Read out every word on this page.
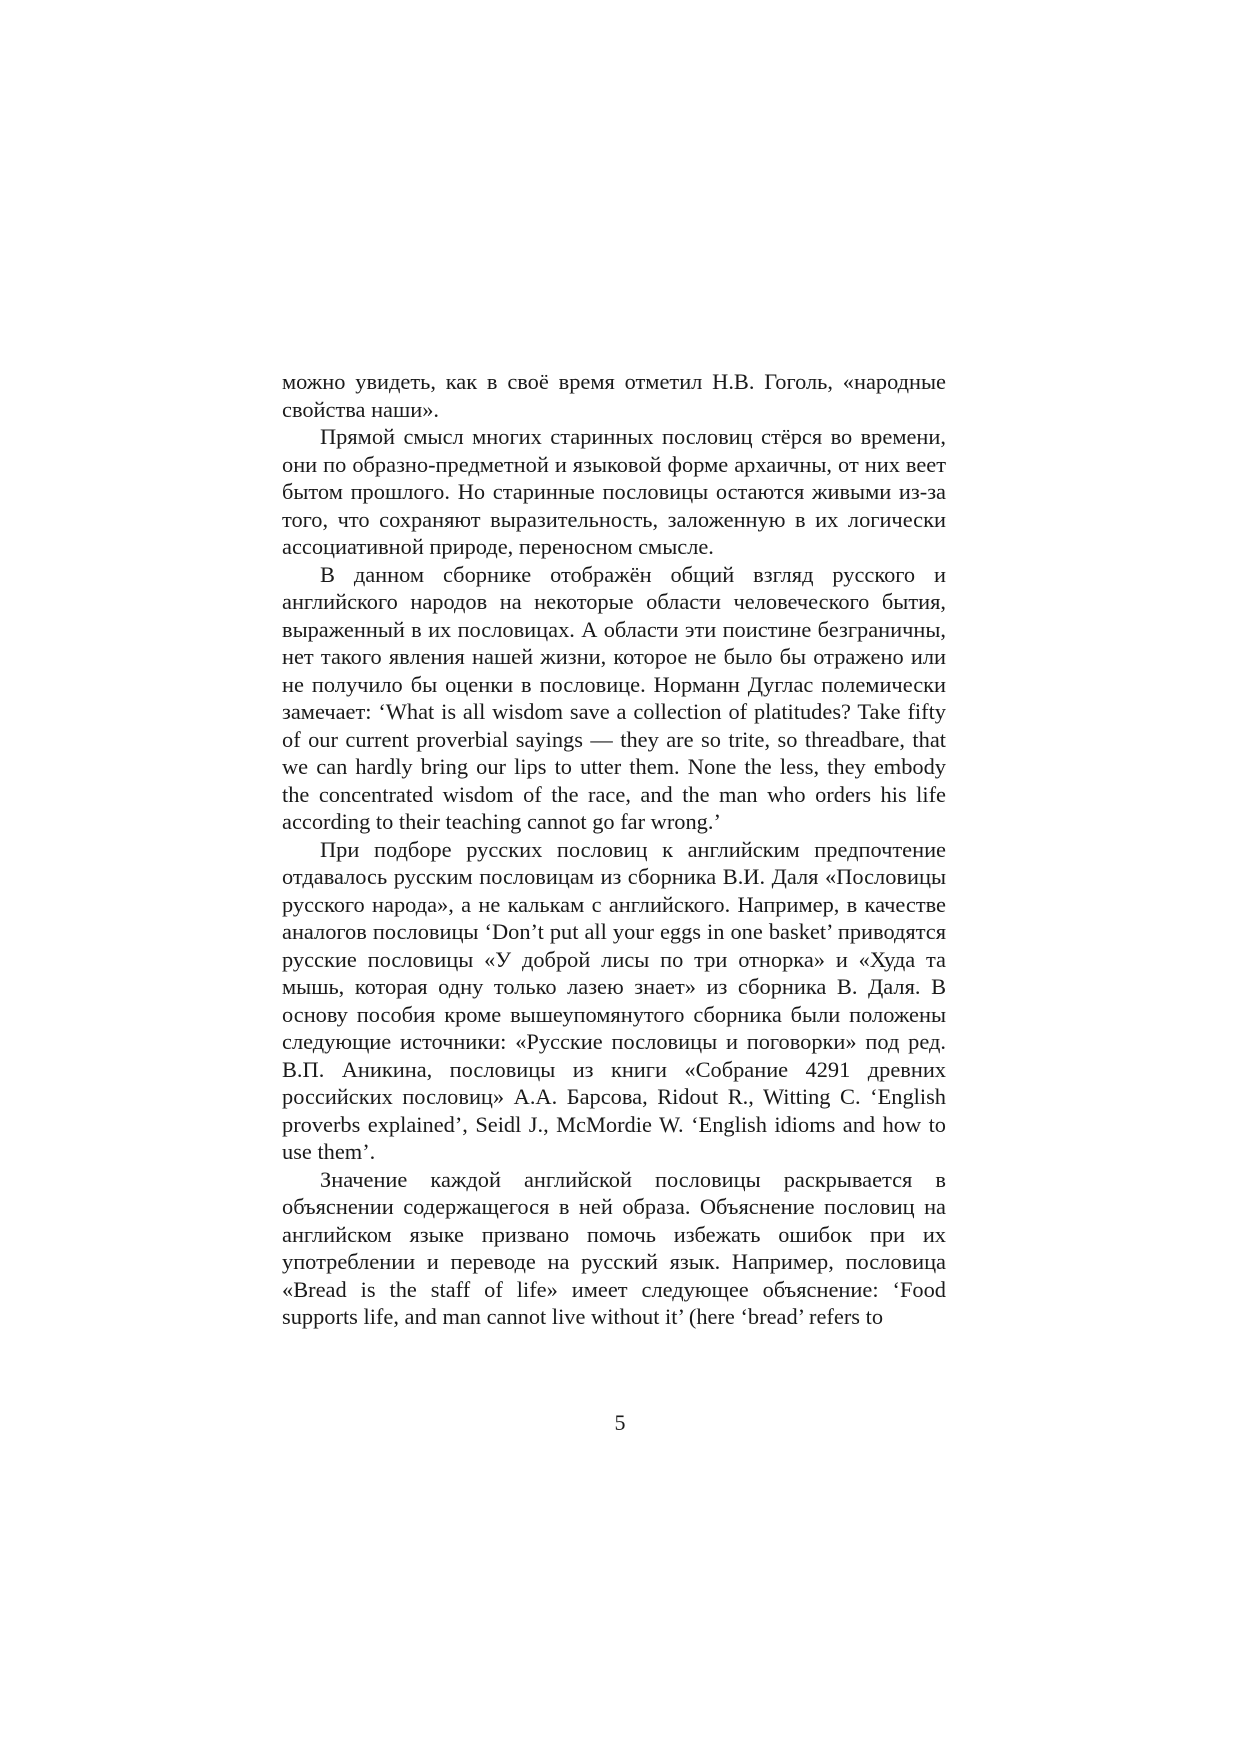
можно увидеть, как в своё время отметил Н.В. Гоголь, «народные свойства наши».

Прямой смысл многих старинных пословиц стёрся во времени, они по образно-предметной и языковой форме архаичны, от них веет бытом прошлого. Но старинные пословицы остаются живыми из-за того, что сохраняют выразительность, заложенную в их логически ассоциативной природе, переносном смысле.

В данном сборнике отображён общий взгляд русского и английского народов на некоторые области человеческого бытия, выраженный в их пословицах. А области эти поистине безграничны, нет такого явления нашей жизни, которое не было бы отражено или не получило бы оценки в пословице. Норманн Дуглас полемически замечает: ‘What is all wisdom save a collection of platitudes? Take fifty of our current proverbial sayings — they are so trite, so threadbare, that we can hardly bring our lips to utter them. None the less, they embody the concentrated wisdom of the race, and the man who orders his life according to their teaching cannot go far wrong.’

При подборе русских пословиц к английским предпочтение отдавалось русским пословицам из сборника В.И. Даля «Пословицы русского народа», а не калькам с английского. Например, в качестве аналогов пословицы ‘Don’t put all your eggs in one basket’ приводятся русские пословицы «У доброй лисы по три отнорка» и «Худа та мышь, которая одну только лазею знает» из сборника В. Даля. В основу пособия кроме вышеупомянутого сборника были положены следующие источники: «Русские пословицы и поговорки» под ред. В.П. Аникина, пословицы из книги «Собрание 4291 древних российских пословиц» А.А. Барсова, Ridout R., Witting C. ‘English proverbs explained’, Seidl J., McMordie W. ‘English idioms and how to use them’.

Значение каждой английской пословицы раскрывается в объяснении содержащегося в ней образа. Объяснение пословиц на английском языке призвано помочь избежать ошибок при их употреблении и переводе на русский язык. Например, пословица «Bread is the staff of life» имеет следующее объяснение: ‘Food supports life, and man cannot live without it’ (here ‘bread’ refers to

5
